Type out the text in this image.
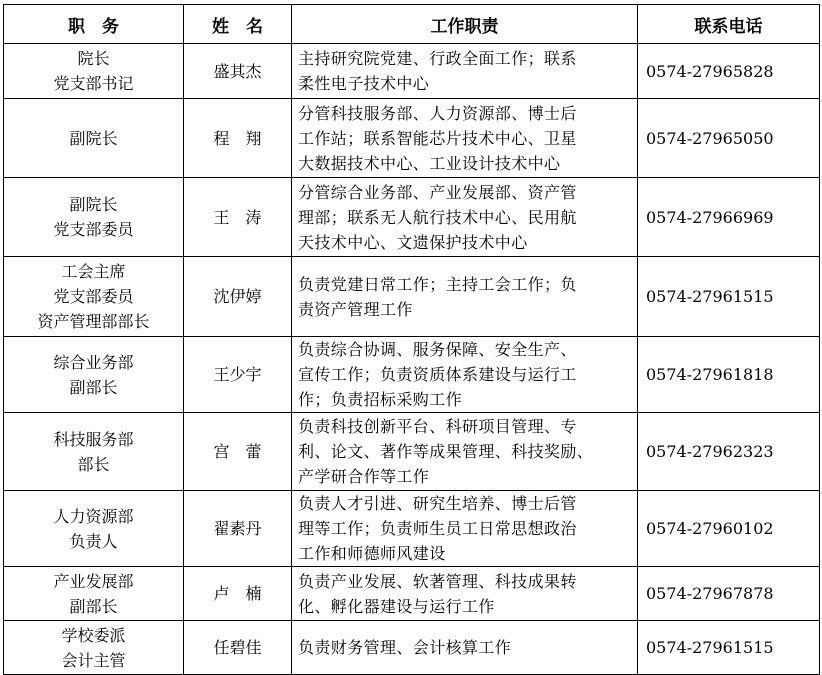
职　务	姓　名	工作职责	联系电话

院长
党支部书记	盛其杰	主持研究院党建、行政全面工作；联系
柔性电子技术中心	0574-27965828

副院长	程　翔	分管科技服务部、人力资源部、博士后
工作站；联系智能芯片技术中心、卫星
大数据技术中心、工业设计技术中心	0574-27965050

副院长
党支部委员	王　涛	分管综合业务部、产业发展部、资产管
理部；联系无人航行技术中心、民用航
天技术中心、文遗保护技术中心	0574-27966969

工会主席
党支部委员
资产管理部部长	沈伊婷	负责党建日常工作；主持工会工作；负
责资产管理工作	0574-27961515

综合业务部
副部长	王少宇	负责综合协调、服务保障、安全生产、
宣传工作；负责资质体系建设与运行工
作；负责招标采购工作	0574-27961818

科技服务部
部长	宫　蕾	负责科技创新平台、科研项目管理、专
利、论文、著作等成果管理、科技奖励、
产学研合作等工作	0574-27962323

人力资源部
负责人	翟素丹	负责人才引进、研究生培养、博士后管
理等工作；负责师生员工日常思想政治
工作和师德师风建设	0574-27960102

产业发展部
副部长	卢　楠	负责产业发展、软著管理、科技成果转
化、孵化器建设与运行工作	0574-27967878

学校委派
会计主管	任碧佳	负责财务管理、会计核算工作	0574-27961515
